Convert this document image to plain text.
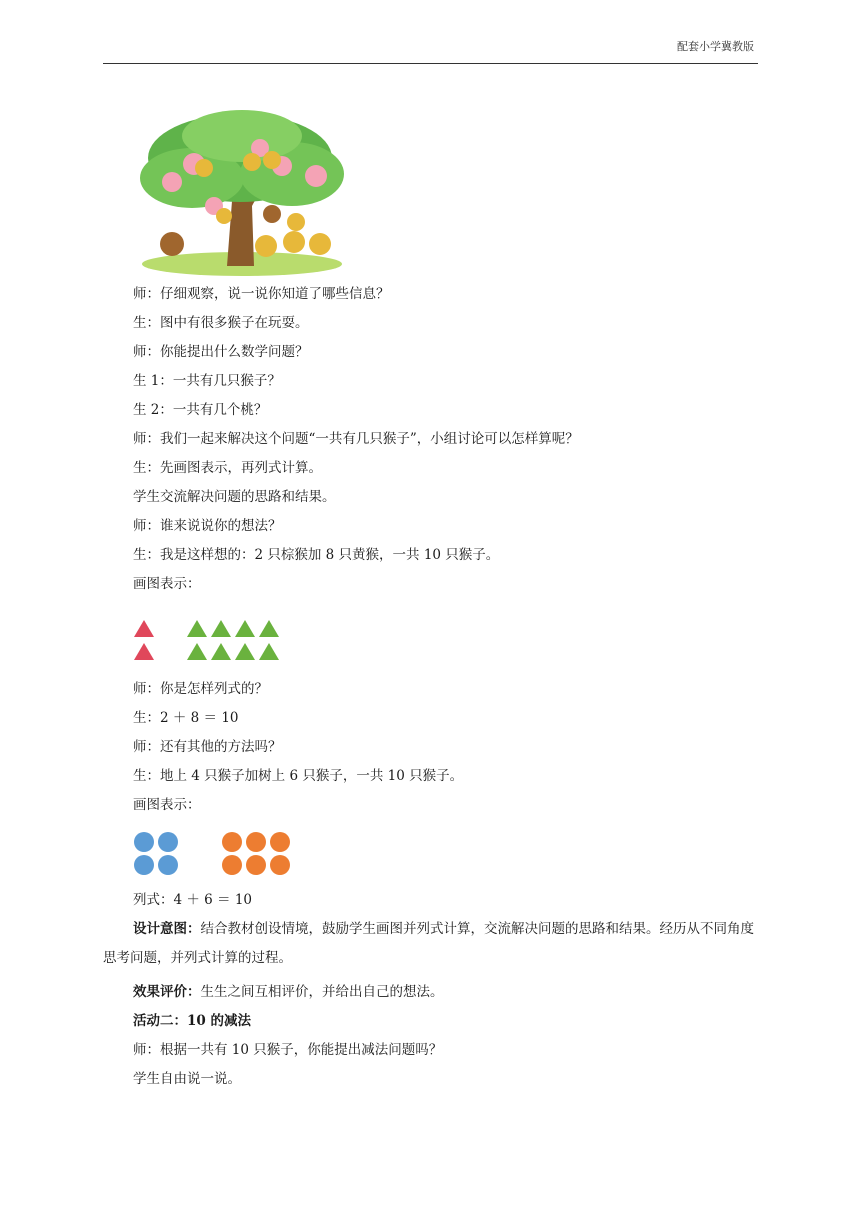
配套小学冀教版
师：仔细观察，说一说你知道了哪些信息？
生：图中有很多猴子在玩耍。
师：你能提出什么数学问题？
生 1：一共有几只猴子？
生 2：一共有几个桃？
师：我们一起来解决这个问题“一共有几只猴子”，小组讨论可以怎样算呢？
生：先画图表示，再列式计算。
学生交流解决问题的思路和结果。
师：谁来说说你的想法？
生：我是这样想的：2 只棕猴加 8 只黄猴，一共 10 只猴子。
画图表示：
师：你是怎样列式的？
生：2 ＋ 8 ＝ 10
师：还有其他的方法吗？
生：地上 4 只猴子加树上 6 只猴子，一共 10 只猴子。
画图表示：
列式：4 ＋ 6 ＝ 10
设计意图：结合教材创设情境，鼓励学生画图并列式计算，交流解决问题的思路和结果。经历从不同角度思考问题，并列式计算的过程。
效果评价：生生之间互相评价，并给出自己的想法。
活动二：10 的减法
师：根据一共有 10 只猴子，你能提出减法问题吗？
学生自由说一说。
